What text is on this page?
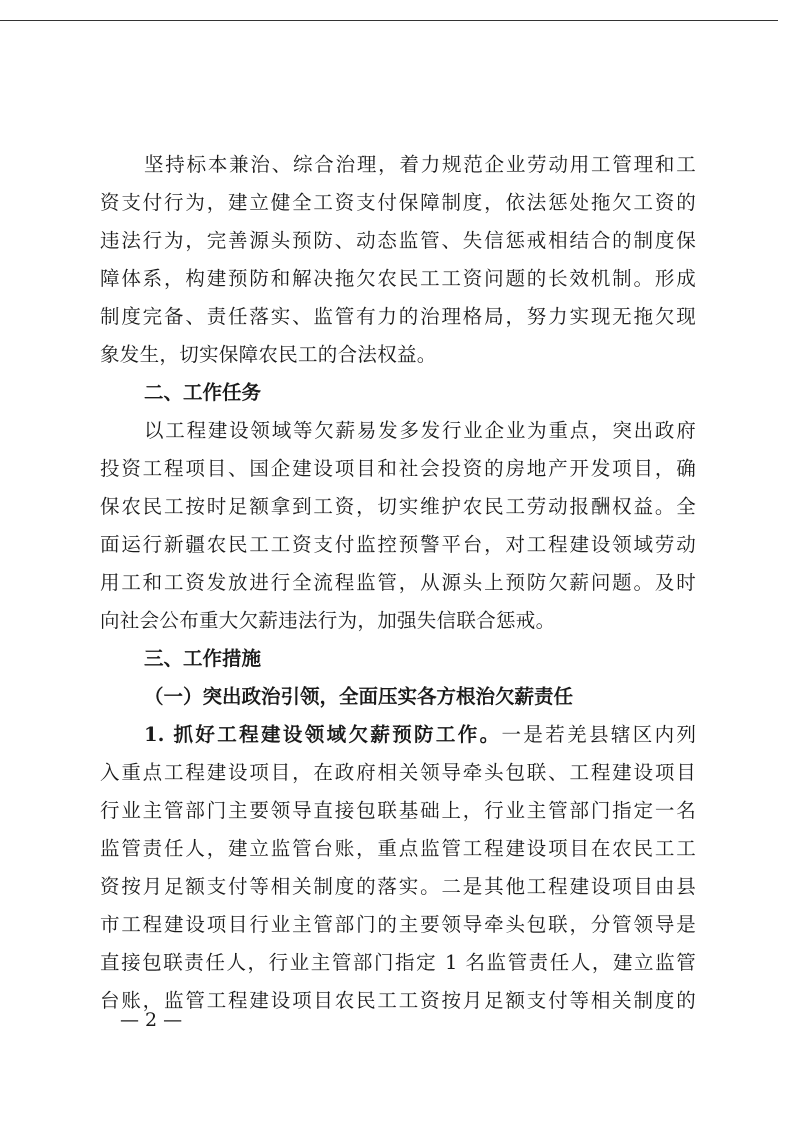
坚持标本兼治、综合治理，着力规范企业劳动用工管理和工
资支付行为，建立健全工资支付保障制度，依法惩处拖欠工资的
违法行为，完善源头预防、动态监管、失信惩戒相结合的制度保
障体系，构建预防和解决拖欠农民工工资问题的长效机制。形成
制度完备、责任落实、监管有力的治理格局，努力实现无拖欠现
象发生，切实保障农民工的合法权益。
二、工作任务
以工程建设领域等欠薪易发多发行业企业为重点，突出政府
投资工程项目、国企建设项目和社会投资的房地产开发项目，确
保农民工按时足额拿到工资，切实维护农民工劳动报酬权益。全
面运行新疆农民工工资支付监控预警平台，对工程建设领域劳动
用工和工资发放进行全流程监管，从源头上预防欠薪问题。及时
向社会公布重大欠薪违法行为，加强失信联合惩戒。
三、工作措施
（一）突出政治引领，全面压实各方根治欠薪责任
1. 抓好工程建设领域欠薪预防工作。一是若羌县辖区内列
入重点工程建设项目，在政府相关领导牵头包联、工程建设项目
行业主管部门主要领导直接包联基础上，行业主管部门指定一名
监管责任人，建立监管台账，重点监管工程建设项目在农民工工
资按月足额支付等相关制度的落实。二是其他工程建设项目由县
市工程建设项目行业主管部门的主要领导牵头包联，分管领导是
直接包联责任人，行业主管部门指定 1 名监管责任人，建立监管
台账，监管工程建设项目农民工工资按月足额支付等相关制度的
— 2 —
